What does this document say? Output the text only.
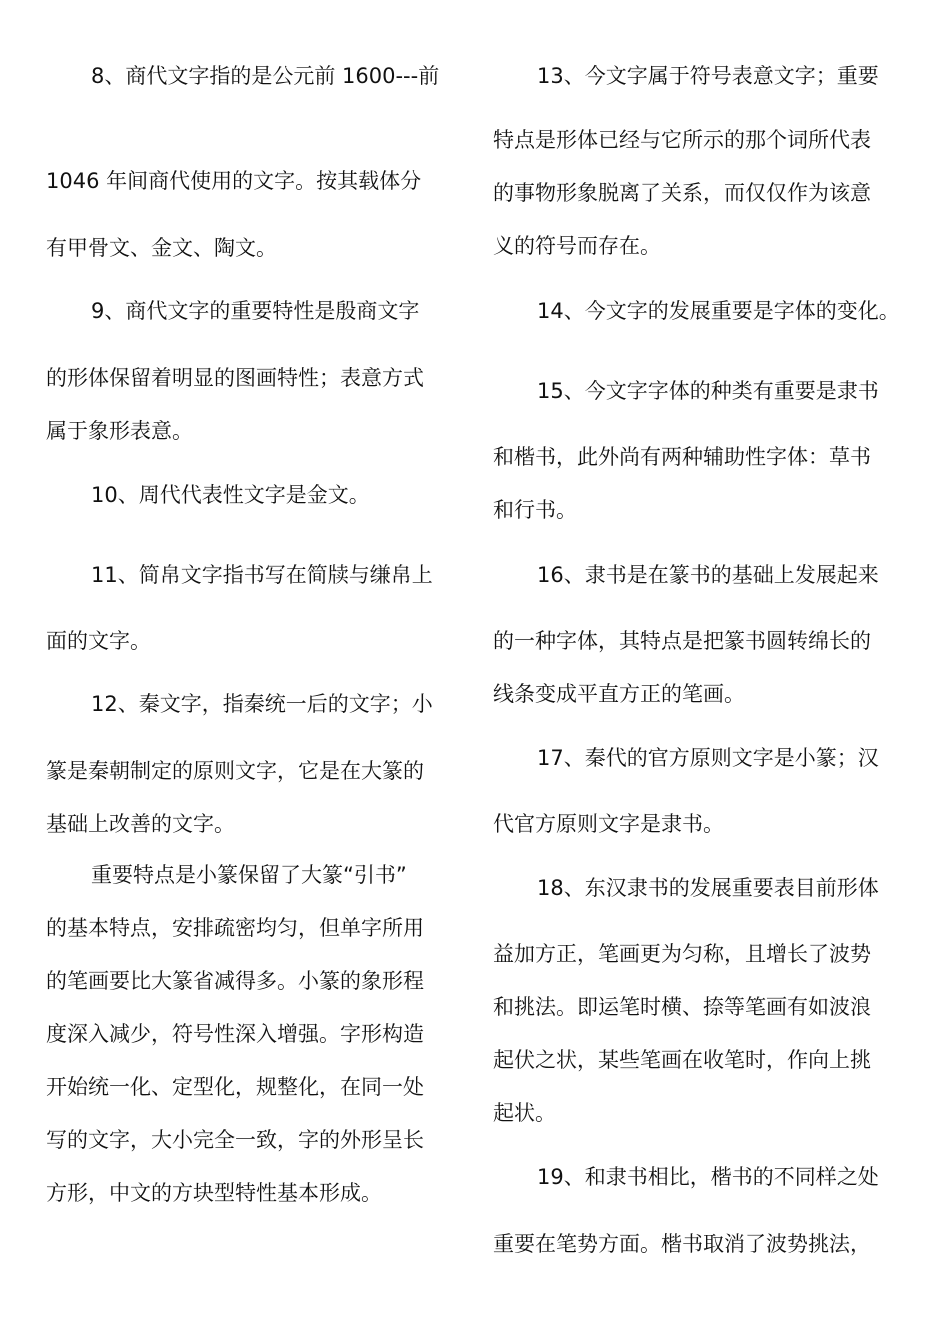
8、商代文字指的是公元前 1600---前

1046 年间商代使用的文字。按其载体分

有甲骨文、金文、陶文。

9、商代文字的重要特性是殷商文字

的形体保留着明显的图画特性；表意方式

属于象形表意。

10、周代代表性文字是金文。

11、简帛文字指书写在简牍与缣帛上

面的文字。

12、秦文字，指秦统一后的文字；小

篆是秦朝制定的原则文字，它是在大篆的

基础上改善的文字。

重要特点是小篆保留了大篆“引书”

的基本特点，安排疏密均匀，但单字所用

的笔画要比大篆省减得多。小篆的象形程

度深入减少，符号性深入增强。字形构造

开始统一化、定型化，规整化，在同一处

写的文字，大小完全一致，字的外形呈长

方形，中文的方块型特性基本形成。

13、今文字属于符号表意文字；重要

特点是形体已经与它所示的那个词所代表

的事物形象脱离了关系，而仅仅作为该意

义的符号而存在。

14、今文字的发展重要是字体的变化。

15、今文字字体的种类有重要是隶书

和楷书，此外尚有两种辅助性字体：草书

和行书。

16、隶书是在篆书的基础上发展起来

的一种字体，其特点是把篆书圆转绵长的

线条变成平直方正的笔画。

17、秦代的官方原则文字是小篆；汉

代官方原则文字是隶书。

18、东汉隶书的发展重要表目前形体

益加方正，笔画更为匀称，且增长了波势

和挑法。即运笔时横、捺等笔画有如波浪

起伏之状，某些笔画在收笔时，作向上挑

起状。

19、和隶书相比，楷书的不同样之处

重要在笔势方面。楷书取消了波势挑法，
